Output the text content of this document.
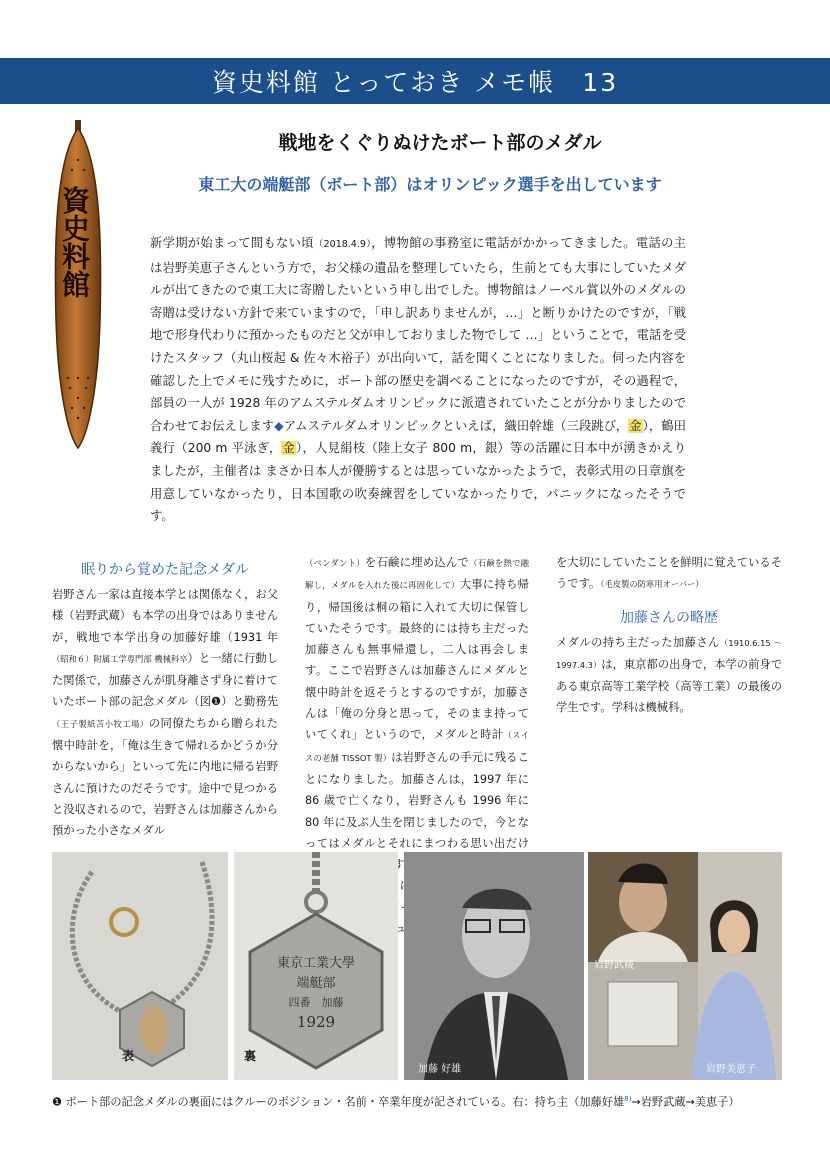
資史料館 とっておき メモ帳　13
資史料館
戦地をくぐりぬけたボート部のメダル
東工大の端艇部（ボート部）はオリンピック選手を出しています
新学期が始まって間もない頃（2018.4.9），博物館の事務室に電話がかかってきました。電話の主は岩野美恵子さんという方で，お父様の遺品を整理していたら，生前とても大事にしていたメダルが出てきたので東工大に寄贈したいという申し出でした。博物館はノーベル賞以外のメダルの寄贈は受けない方針で来ていますので，「申し訳ありませんが，…」と断りかけたのですが，「戦地で形身代わりに預かったものだと父が申しておりました物でして …」ということで，電話を受けたスタッフ（丸山桜起 & 佐々木裕子）が出向いて，話を聞くことになりました。伺った内容を確認した上でメモに残すために，ボート部の歴史を調べることになったのですが，その過程で，部員の一人が 1928 年のアムステルダムオリンピックに派遣されていたことが分かりましたので合わせてお伝えします◆アムステルダムオリンピックといえば，織田幹雄（三段跳び，金），鶴田義行（200 m 平泳ぎ，金），人見絹枝（陸上女子 800 m，銀）等の活躍に日本中が湧きかえりましたが，主催者は まさか日本人が優勝するとは思っていなかったようで，表彰式用の日章旗を用意していなかったり，日本国歌の吹奏練習をしていなかったりで，パニックになったそうです。
眠りから覚めた記念メダル
岩野さん一家は直接本学とは関係なく，お父様（岩野武蔵）も本学の出身ではありませんが，戦地で本学出身の加藤好雄（1931 年（昭和６）附属工学専門部 機械科卒）と一緒に行動した関係で，加藤さんが肌身離さず身に着けていたボート部の記念メダル（図❶）と勤務先（王子製紙苫小牧工場）の同僚たちから贈られた懐中時計を，「俺は生きて帰れるかどうか分からないから」といって先に内地に帰る岩野さんに預けたのだそうです。途中で見つかると没収されるので，岩野さんは加藤さんから預かった小さなメダル
（ペンダント）を石鹸に埋め込んで（石鹸を熱で融解し，メダルを入れた後に再固化して）大事に持ち帰り，帰国後は桐の箱に入れて大切に保管していたそうです。最終的には持ち主だった加藤さんも無事帰還し，二人は再会します。ここで岩野さんは加藤さんにメダルと懐中時計を返そうとするのですが，加藤さんは「俺の分身と思って，そのまま持っていてくれ」というので，メダルと時計（スイスの老舗 TISSOT 製）は岩野さんの手元に残ることになりました。加藤さんは，1997 年に 86 歳で亡くなり，岩野さんも 1996 年に 80 年に及ぶ人生を閉じましたので，今となってはメダルとそれにまつわる思い出だけが残されています。美恵子さんは ードに着 ュ
を大切にしていたことを鮮明に覚えているそうです。（毛皮製の防寒用オーバー）
加藤さんの略歴
メダルの持ち主だった加藤さん（1910.6.15 〜 1997.4.3）は，東京都の出身で，本学の前身である東京高等工業学校（高等工業）の最後の学生です。学科は機械科。
表
東京工業大學
端艇部
四番　加藤
1929
裏
加藤 好雄
岩野武蔵
岩野美恵子
❶ ボート部の記念メダルの裏面にはクルーのポジション・名前・卒業年度が記されている。右：持ち主（加藤好雄$^{8)}$→岩野武蔵→美恵子）
